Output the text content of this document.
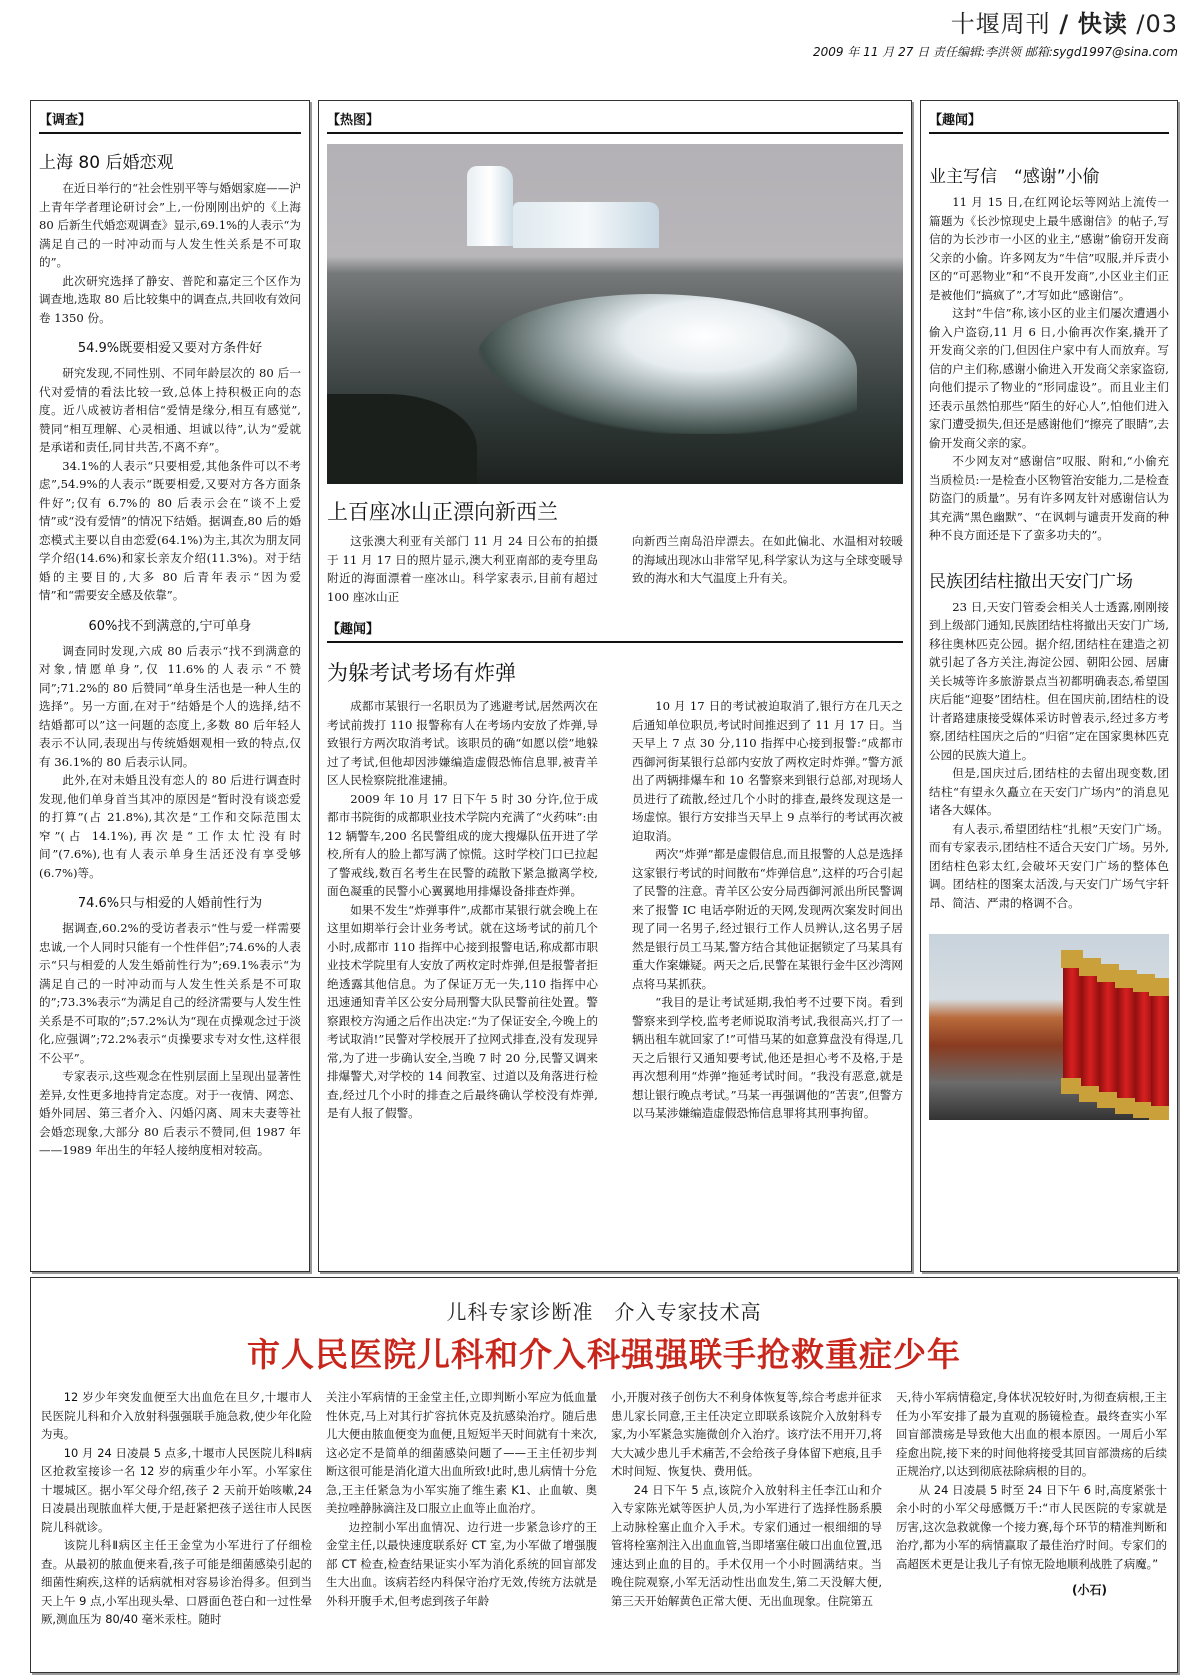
十堰周刊 / 快读 /03
2009 年 11 月 27 日 责任编辑:李洪领 邮箱:sygd1997@sina.com
【调查】
上海 80 后婚恋观

在近日举行的“社会性别平等与婚姻家庭——沪上青年学者理论研讨会”上,一份刚刚出炉的《上海 80 后新生代婚恋观调查》显示,69.1%的人表示“为满足自己的一时冲动而与人发生性关系是不可取的”。

此次研究选择了静安、普陀和嘉定三个区作为调查地,选取 80 后比较集中的调查点,共回收有效问卷 1350 份。

54.9%既要相爱又要对方条件好

研究发现,不同性别、不同年龄层次的 80 后一代对爱情的看法比较一致,总体上持积极正向的态度。近八成被访者相信“爱情是缘分,相互有感觉”,赞同“相互理解、心灵相通、坦诚以待”,认为“爱就是承诺和责任,同甘共苦,不离不弃”。

34.1%的人表示“只要相爱,其他条件可以不考虑”,54.9%的人表示“既要相爱,又要对方各方面条件好”;仅有 6.7%的 80 后表示会在“谈不上爱情”或“没有爱情”的情况下结婚。据调查,80 后的婚恋模式主要以自由恋爱(64.1%)为主,其次为朋友同学介绍(14.6%)和家长亲友介绍(11.3%)。对于结婚的主要目的,大多 80 后青年表示“因为爱情”和“需要安全感及依靠”。

60%找不到满意的,宁可单身

调查同时发现,六成 80 后表示“找不到满意的对象,情愿单身”,仅 11.6%的人表示“不赞同”;71.2%的 80 后赞同“单身生活也是一种人生的选择”。另一方面,在对于“结婚是个人的选择,结不结婚都可以”这一问题的态度上,多数 80 后年轻人表示不认同,表现出与传统婚姻观相一致的特点,仅有 36.1%的 80 后表示认同。

此外,在对未婚且没有恋人的 80 后进行调查时发现,他们单身首当其冲的原因是“暂时没有谈恋爱的打算”(占 21.8%),其次是“工作和交际范围太窄”(占 14.1%),再次是“工作太忙没有时间”(7.6%),也有人表示单身生活还没有享受够(6.7%)等。

74.6%只与相爱的人婚前性行为

据调查,60.2%的受访者表示“性与爱一样需要忠诚,一个人同时只能有一个性伴侣”;74.6%的人表示“只与相爱的人发生婚前性行为”;69.1%表示“为满足自己的一时冲动而与人发生性关系是不可取的”;73.3%表示“为满足自己的经济需要与人发生性关系是不可取的”;57.2%认为“现在贞操观念过于淡化,应强调”;72.2%表示“贞操要求专对女性,这样很不公平”。

专家表示,这些观念在性别层面上呈现出显著性差异,女性更多地持肯定态度。对于一夜情、网恋、婚外同居、第三者介入、闪婚闪离、周末夫妻等社会婚恋现象,大部分 80 后表示不赞同,但 1987 年——1989 年出生的年轻人接纳度相对较高。

【热图】
上百座冰山正漂向新西兰

这张澳大利亚有关部门 11 月 24 日公布的拍摄于 11 月 17 日的照片显示,澳大利亚南部的麦夸里岛附近的海面漂着一座冰山。科学家表示,目前有超过 100 座冰山正

向新西兰南岛沿岸漂去。在如此偏北、水温相对较暖的海域出现冰山非常罕见,科学家认为这与全球变暖导致的海水和大气温度上升有关。

【趣闻】
为躲考试考场有炸弹

成都市某银行一名职员为了逃避考试,居然两次在考试前拨打 110 报警称有人在考场内安放了炸弹,导致银行方两次取消考试。该职员的确“如愿以偿”地躲过了考试,但他却因涉嫌编造虚假恐怖信息罪,被青羊区人民检察院批准逮捕。

2009 年 10 月 17 日下午 5 时 30 分许,位于成都市书院街的成都职业技术学院内充满了“火药味”:由 12 辆警车,200 名民警组成的庞大搜爆队伍开进了学校,所有人的脸上都写满了惊慌。这时学校门口已拉起了警戒线,数百名考生在民警的疏散下紧急撤离学校,面色凝重的民警小心翼翼地用排爆设备排查炸弹。

如果不发生“炸弹事件”,成都市某银行就会晚上在这里如期举行会计业务考试。就在这场考试的前几个小时,成都市 110 指挥中心接到报警电话,称成都市职业技术学院里有人安放了两枚定时炸弹,但是报警者拒绝透露其他信息。为了保证万无一失,110 指挥中心迅速通知青羊区公安分局刑警大队民警前往处置。警察跟校方沟通之后作出决定:“为了保证安全,今晚上的考试取消!”民警对学校展开了拉网式排查,没有发现异常,为了进一步确认安全,当晚 7 时 20 分,民警又调来排爆警犬,对学校的 14 间教室、过道以及角落进行检查,经过几个小时的排查之后最终确认学校没有炸弹,是有人报了假警。

10 月 17 日的考试被迫取消了,银行方在几天之后通知单位职员,考试时间推迟到了 11 月 17 日。当天早上 7 点 30 分,110 指挥中心接到报警:“成都市西御河街某银行总部内安放了两枚定时炸弹。”警方派出了两辆排爆车和 10 名警察来到银行总部,对现场人员进行了疏散,经过几个小时的排查,最终发现这是一场虚惊。银行方安排当天早上 9 点举行的考试再次被迫取消。

两次“炸弹”都是虚假信息,而且报警的人总是选择这家银行考试的时间散布“炸弹信息”,这样的巧合引起了民警的注意。青羊区公安分局西御河派出所民警调来了报警 IC 电话亭附近的天网,发现两次案发时间出现了同一名男子,经过银行工作人员辨认,这名男子居然是银行员工马某,警方结合其他证据锁定了马某具有重大作案嫌疑。两天之后,民警在某银行金牛区沙湾网点将马某抓获。

“我目的是让考试延期,我怕考不过要下岗。看到警察来到学校,监考老师说取消考试,我很高兴,打了一辆出租车就回家了!”可惜马某的如意算盘没有得逞,几天之后银行又通知要考试,他还是担心考不及格,于是再次想利用“炸弹”拖延考试时间。“我没有恶意,就是想让银行晚点考试。”马某一再强调他的“苦衷”,但警方以马某涉嫌编造虚假恐怖信息罪将其刑事拘留。

【趣闻】
业主写信　“感谢”小偷

11 月 15 日,在红网论坛等网站上流传一篇题为《长沙惊现史上最牛感谢信》的帖子,写信的为长沙市一小区的业主,“感谢”偷窃开发商父亲的小偷。许多网友为“牛信”叹服,并斥责小区的“可恶物业”和“不良开发商”,小区业主们正是被他们“搞疯了”,才写如此“感谢信”。

这封“牛信”称,该小区的业主们屡次遭遇小偷入户盗窃,11 月 6 日,小偷再次作案,撬开了开发商父亲的门,但因住户家中有人而放弃。写信的户主们称,感谢小偷进入开发商父亲家盗窃,向他们提示了物业的“形同虚设”。而且业主们还表示虽然怕那些“陌生的好心人”,怕他们进入家门遭受损失,但还是感谢他们“擦亮了眼睛”,去偷开发商父亲的家。

不少网友对“感谢信”叹服、附和,“小偷充当质检员:一是检查小区物管治安能力,二是检查防盗门的质量”。另有许多网友针对感谢信认为其充满“黑色幽默”、“在讽刺与谴责开发商的种种不良方面还是下了蛮多功夫的”。

民族团结柱撤出天安门广场

23 日,天安门管委会相关人士透露,刚刚接到上级部门通知,民族团结柱将撤出天安门广场,移往奥林匹克公园。据介绍,团结柱在建造之初就引起了各方关注,海淀公园、朝阳公园、居庸关长城等许多旅游景点当初都明确表态,希望国庆后能“迎娶”团结柱。但在国庆前,团结柱的设计者路建康接受媒体采访时曾表示,经过多方考察,团结柱国庆之后的“归宿”定在国家奥林匹克公园的民族大道上。

但是,国庆过后,团结柱的去留出现变数,团结柱“有望永久矗立在天安门广场内”的消息见诸各大媒体。

有人表示,希望团结柱“扎根”天安门广场。而有专家表示,团结柱不适合天安门广场。另外,团结柱色彩太红,会破坏天安门广场的整体色调。团结柱的图案太活泼,与天安门广场气宇轩昂、简洁、严肃的格调不合。

儿科专家诊断准　介入专家技术高
市人民医院儿科和介入科强强联手抢救重症少年

12 岁少年突发血便至大出血危在旦夕,十堰市人民医院儿科和介入放射科强强联手施急救,使少年化险为夷。

10 月 24 日凌晨 5 点多,十堰市人民医院儿科Ⅱ病区抢救室接诊一名 12 岁的病重少年小军。小军家住十堰城区。据小军父母介绍,孩子 2 天前开始咳嗽,24 日凌晨出现脓血样大便,于是赶紧把孩子送往市人民医院儿科就诊。

该院儿科Ⅱ病区主任王金堂为小军进行了仔细检查。从最初的脓血便来看,孩子可能是细菌感染引起的细菌性痢疾,这样的话病就相对容易诊治得多。但到当天上午 9 点,小军出现头晕、口唇面色苍白和一过性晕厥,测血压为 80/40 毫米汞柱。随时

关注小军病情的王金堂主任,立即判断小军应为低血量性休克,马上对其行扩容抗休克及抗感染治疗。随后患儿大便由脓血便变为血便,且短短半天时间就有十来次,这必定不是简单的细菌感染问题了——王主任初步判断这很可能是消化道大出血所致!此时,患儿病情十分危急,王主任紧急为小军实施了维生素 K1、止血敏、奥美拉唑静脉滴注及口服立止血等止血治疗。

边控制小军出血情况、边行进一步紧急诊疗的王金堂主任,以最快速度联系好 CT 室,为小军做了增强腹部 CT 检查,检查结果证实小军为消化系统的回盲部发生大出血。该病若经内科保守治疗无效,传统方法就是外科开腹手术,但考虑到孩子年龄

小,开腹对孩子创伤大不利身体恢复等,综合考虑并征求患儿家长同意,王主任决定立即联系该院介入放射科专家,为小军紧急实施微创介入治疗。该疗法不用开刀,将大大减少患儿手术痛苦,不会给孩子身体留下疤痕,且手术时间短、恢复快、费用低。

24 日下午 5 点,该院介入放射科主任李江山和介入专家陈光斌等医护人员,为小军进行了选择性肠系膜上动脉栓塞止血介入手术。专家们通过一根细细的导管将栓塞剂注入出血血管,当即堵塞住破口出血位置,迅速达到止血的目的。手术仅用一个小时圆满结束。当晚住院观察,小军无活动性出血发生,第二天没解大便,第三天开始解黄色正常大便、无出血现象。住院第五

天,待小军病情稳定,身体状况较好时,为彻查病根,王主任为小军安排了最为直观的肠镜检查。最终查实小军回盲部溃疡是导致他大出血的根本原因。一周后小军痊愈出院,接下来的时间他将接受其回盲部溃疡的后续正规治疗,以达到彻底祛除病根的目的。

从 24 日凌晨 5 时至 24 日下午 6 时,高度紧张十余小时的小军父母感慨万千:“市人民医院的专家就是厉害,这次急救就像一个接力赛,每个环节的精准判断和治疗,都为小军的病情赢取了最佳治疗时间。专家们的高超医术更是让我儿子有惊无险地顺利战胜了病魔。”

(小石)
